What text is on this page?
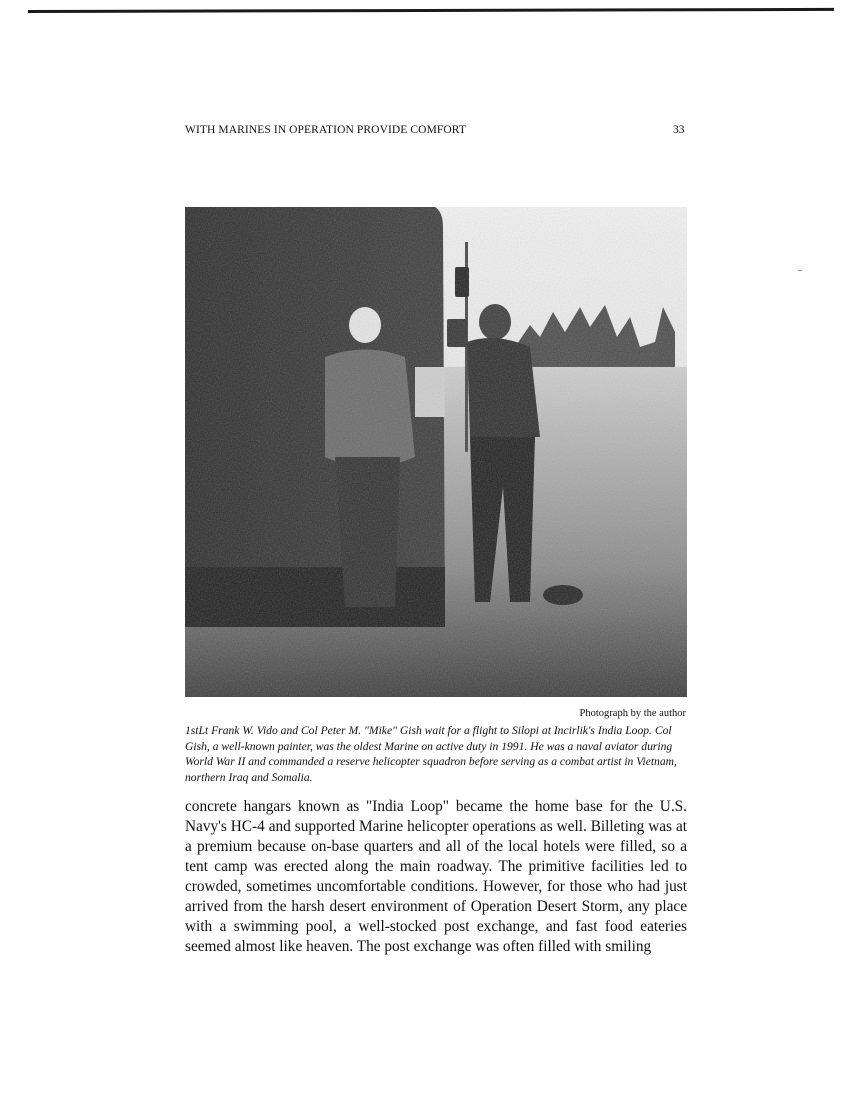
WITH MARINES IN OPERATION PROVIDE COMFORT	33
Photograph by the author
1stLt Frank W. Vido and Col Peter M. "Mike" Gish wait for a flight to Silopi at Incirlik's India Loop. Col Gish, a well-known painter, was the oldest Marine on active duty in 1991. He was a naval aviator during World War II and commanded a reserve helicopter squadron before serving as a combat artist in Vietnam, northern Iraq and Somalia.
concrete hangars known as "India Loop" became the home base for the U.S. Navy's HC-4 and supported Marine helicopter operations as well. Billeting was at a premium because on-base quarters and all of the local hotels were filled, so a tent camp was erected along the main roadway. The primitive facilities led to crowded, sometimes uncomfortable conditions. However, for those who had just arrived from the harsh desert environment of Operation Desert Storm, any place with a swimming pool, a well-stocked post exchange, and fast food eateries seemed almost like heaven. The post exchange was often filled with smiling
